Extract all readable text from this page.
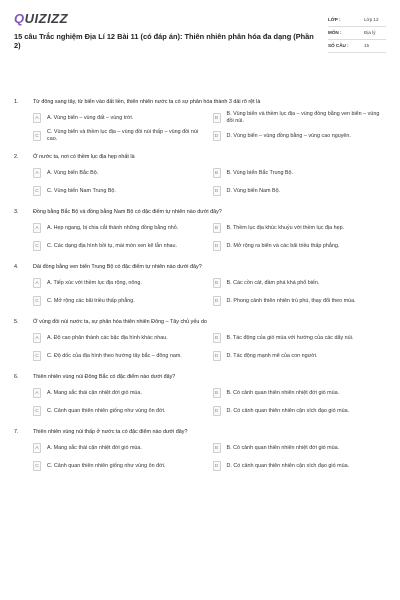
QUIZIZZ
15 câu Trắc nghiệm Địa Lí 12 Bài 11 (có đáp án): Thiên nhiên phân hóa đa dạng (Phần 2)
LỚP :	Lớp 12
MÔN :	Địa lý
SỐ CÂU :	15
1.	Từ đông sang tây, từ biển vào đất liền, thiên nhiên nước ta có sự phân hóa thành 3 dải rõ rệt là
A	A. Vùng biển – vùng đất – vùng trời.	B
B. Vùng biển và thềm lục địa – vùng đồng bằng ven biển – vùng đồi núi.
C
C. Vùng biển và thềm lục địa – vùng đồi núi thấp – vùng đồi núi cao.	D	D. Vùng biển – vùng đồng bằng – vùng cao nguyên.
2.	Ở nước ta, nơi có thềm lục địa hẹp nhất là
A	A. Vùng biển Bắc Bộ.	B	B. Vùng biển Bắc Trung Bộ.
C	C. Vùng biển Nam Trung Bộ.	D	D. Vùng biển Nam Bộ.
3.	Đồng bằng Bắc Bộ và đồng bằng Nam Bộ có đặc điểm tự nhiên nào dưới đây?
A	A. Hẹp ngang, bị chia cắt thành những đồng bằng nhỏ.	B	B. Thềm lục địa khúc khuỷu với thềm lục địa hẹp.
C	C. Các dạng địa hình bồi tụ, mài mòn xen kẽ lẫn nhau.	D	D. Mở rộng ra biển và các bãi triều thấp phẳng.
4.	Dải đồng bằng ven biển Trung Bộ có đặc điểm tự nhiên nào dưới đây?
A	A. Tiếp xúc với thềm lục địa rộng, nông.	B	B. Các cồn cát, đầm phá khá phổ biến.
C	C. Mở rộng các bãi triều thấp phẳng.	D	D. Phong cảnh thiên nhiên trù phú, thay đổi theo mùa.
5.	Ở vùng đồi núi nước ta, sự phân hóa thiên nhiên Đông – Tây chủ yếu do
A	A. Độ cao phân thành các bậc địa hình khác nhau.	B	B. Tác động của gió mùa với hướng của các dãy núi.
C	C. Độ dốc của địa hình theo hướng tây bắc – đông nam.	D	D. Tác động mạnh mẽ của con người.
6.	Thiên nhiên vùng núi Đông Bắc có đặc điểm nào dưới đây?
A	A. Mang sắc thái cận nhiệt đới gió mùa.	B	B. Có cảnh quan thiên nhiên nhiệt đới gió mùa.
C	C. Cảnh quan thiên nhiên giống như vùng ôn đới.	D	D. Có cảnh quan thiên nhiên cận xích đạo gió mùa.
7.	Thiên nhiên vùng núi thấp ở nước ta có đặc điểm nào dưới đây?
A	A. Mang sắc thái cận nhiệt đới gió mùa.	B	B. Có cảnh quan thiên nhiên nhiệt đới gió mùa.
C	C. Cảnh quan thiên nhiên giống như vùng ôn đới.	D	D. Có cảnh quan thiên nhiên cận xích đạo gió mùa.
